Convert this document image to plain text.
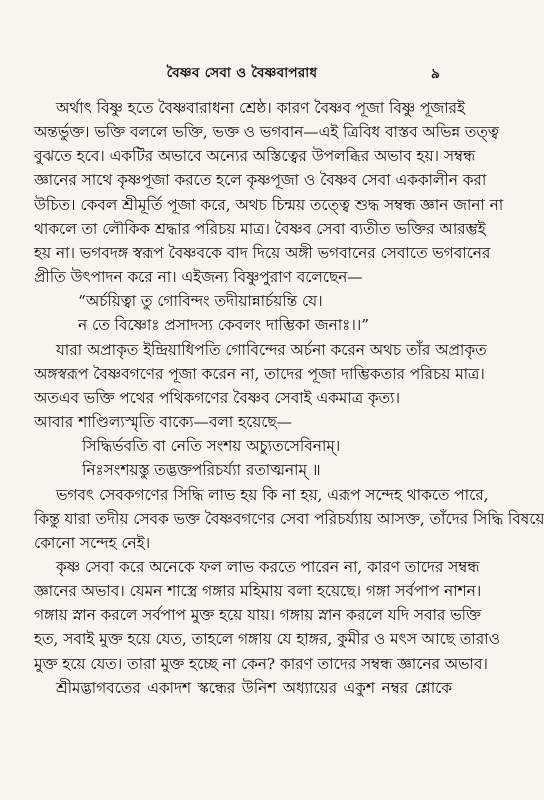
বৈষ্ণব সেবা ও বৈষ্ণবাপরাধ	৯
অর্থাৎ বিষ্ণু হতে বৈষ্ণবারাধনা শ্রেষ্ঠ। কারণ বৈষ্ণব পূজা বিষ্ণু পূজারই
অন্তর্ভুক্ত। ভক্তি বললে ভক্তি, ভক্ত ও ভগবান—এই ত্রিবিধ বাস্তব অভিন্ন তত্ত্ব
বুঝতে হবে। একটির অভাবে অন্যের অস্তিত্বের উপলব্ধির অভাব হয়। সম্বন্ধ
জ্ঞানের সাথে কৃষ্ণপূজা করতে হলে কৃষ্ণপূজা ও বৈষ্ণব সেবা এককালীন করা
উচিত। কেবল শ্রীমূর্তি পূজা করে, অথচ চিন্ময় তত্ত্বে শুদ্ধ সম্বন্ধ জ্ঞান জানা না
থাকলে তা লৌকিক শ্রদ্ধার পরিচয় মাত্র। বৈষ্ণব সেবা ব্যতীত ভক্তির আরম্ভই
হয় না। ভগবদঙ্গ স্বরূপ বৈষ্ণবকে বাদ দিয়ে অঙ্গী ভগবানের সেবাতে ভগবানের
প্রীতি উৎপাদন করে না। এইজন্য বিষ্ণুপুরাণ বলেছেন—
“অর্চয়িত্বা তু গোবিন্দং তদীয়ান্নার্চয়ন্তি যে।
ন তে বিষ্ণোঃ প্রসাদস্য কেবলং দাম্ভিকা জনাঃ।।”
যারা অপ্রাকৃত ইন্দ্রিয়াধিপতি গোবিন্দের অর্চনা করেন অথচ তাঁর অপ্রাকৃত
অঙ্গস্বরূপ বৈষ্ণবগণের পূজা করেন না, তাদের পূজা দাম্ভিকতার পরিচয় মাত্র।
অতএব ভক্তি পথের পথিকগণের বৈষ্ণব সেবাই একমাত্র কৃত্য।
আবার শাণ্ডিল্যস্মৃতি বাক্যে—বলা হয়েছে—
সিদ্ধির্ভবতি বা নেতি সংশয় অচ্যুতসেবিনাম্।
নিঃসংশয়স্তু তদ্ভক্তপরিচর্য্যা রতাত্মনাম্ ॥
ভগবৎ সেবকগণের সিদ্ধি লাভ হয় কি না হয়, এরূপ সন্দেহ থাকতে পারে,
কিন্তু যারা তদীয় সেবক ভক্ত বৈষ্ণবগণের সেবা পরিচর্য্যায় আসক্ত, তাঁদের সিদ্ধি বিষয়ে
কোনো সন্দেহ নেই।
কৃষ্ণ সেবা করে অনেকে ফল লাভ করতে পারেন না, কারণ তাদের সম্বন্ধ
জ্ঞানের অভাব। যেমন শাস্ত্রে গঙ্গার মহিমায় বলা হয়েছে। গঙ্গা সর্বপাপ নাশন।
গঙ্গায় স্নান করলে সর্বপাপ মুক্ত হয়ে যায়। গঙ্গায় স্নান করলে যদি সবার ভক্তি
হত, সবাই মুক্ত হয়ে যেত, তাহলে গঙ্গায় যে হাঙ্গর, কুমীর ও মৎস আছে তারাও
মুক্ত হয়ে যেত। তারা মুক্ত হচ্ছে না কেন? কারণ তাদের সম্বন্ধ জ্ঞানের অভাব।
শ্রীমদ্ভাগবতের একাদশ স্কন্ধের উনিশ অধ্যায়ের একুশ নম্বর শ্লোকে
